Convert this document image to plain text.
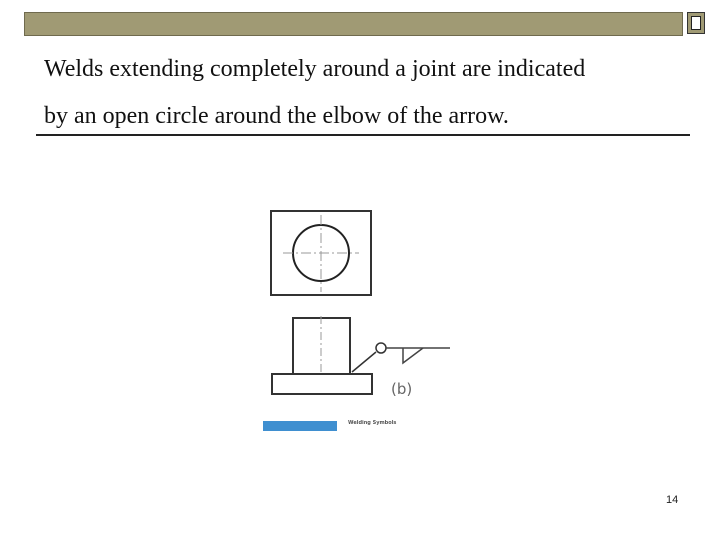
Welds extending completely around a joint are indicated
by an open circle around the elbow of the arrow.
(b)
Welding Symbols
14
